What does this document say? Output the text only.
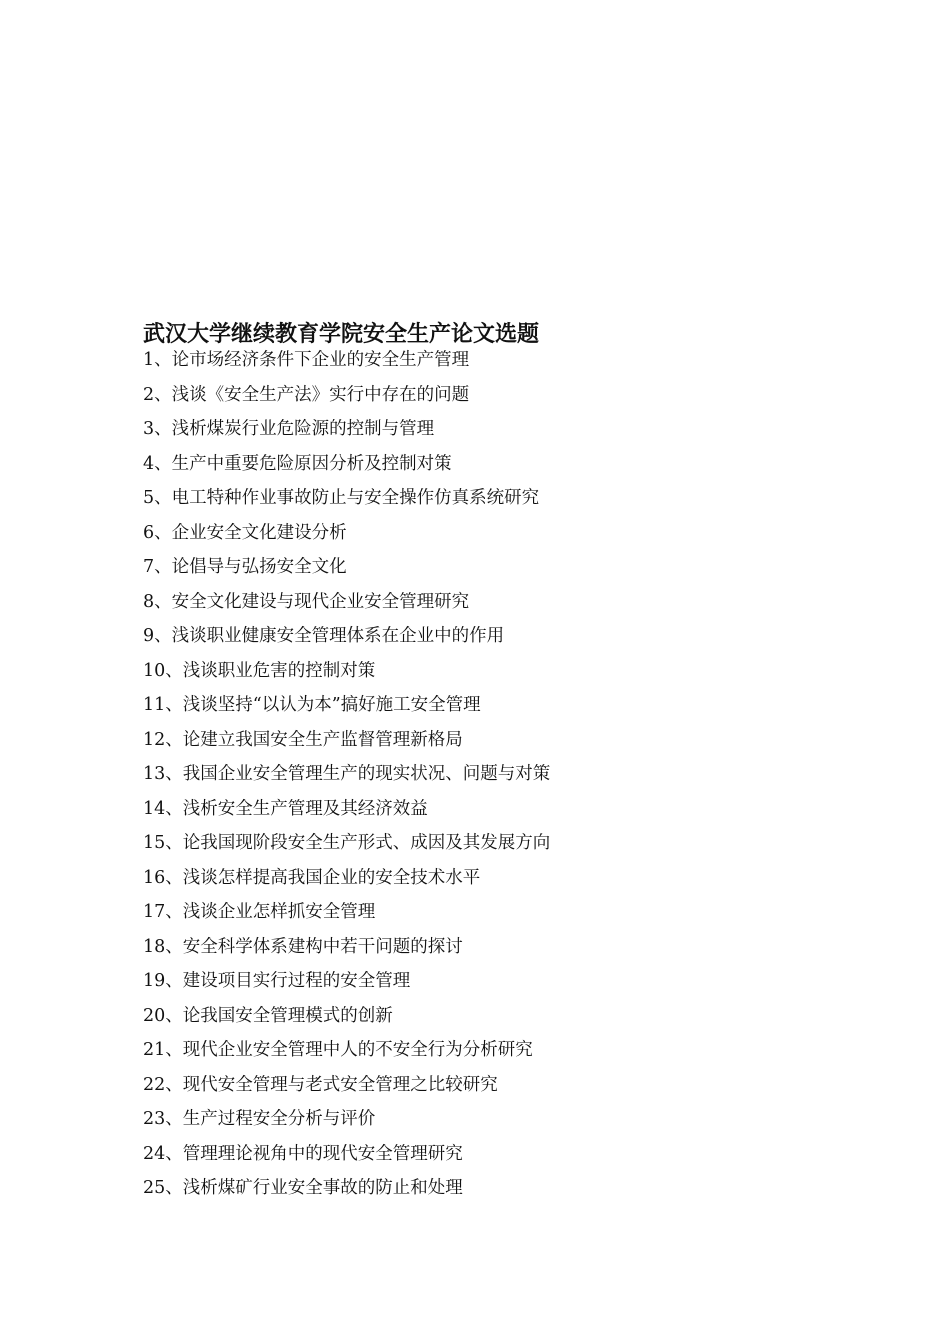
武汉大学继续教育学院安全生产论文选题
1、论市场经济条件下企业的安全生产管理
2、浅谈《安全生产法》实行中存在的问题
3、浅析煤炭行业危险源的控制与管理
4、生产中重要危险原因分析及控制对策
5、电工特种作业事故防止与安全操作仿真系统研究
6、企业安全文化建设分析
7、论倡导与弘扬安全文化
8、安全文化建设与现代企业安全管理研究
9、浅谈职业健康安全管理体系在企业中的作用
10、浅谈职业危害的控制对策
11、浅谈坚持“以认为本”搞好施工安全管理
12、论建立我国安全生产监督管理新格局
13、我国企业安全管理生产的现实状况、问题与对策
14、浅析安全生产管理及其经济效益
15、论我国现阶段安全生产形式、成因及其发展方向
16、浅谈怎样提高我国企业的安全技术水平
17、浅谈企业怎样抓安全管理
18、安全科学体系建构中若干问题的探讨
19、建设项目实行过程的安全管理
20、论我国安全管理模式的创新
21、现代企业安全管理中人的不安全行为分析研究
22、现代安全管理与老式安全管理之比较研究
23、生产过程安全分析与评价
24、管理理论视角中的现代安全管理研究
25、浅析煤矿行业安全事故的防止和处理
